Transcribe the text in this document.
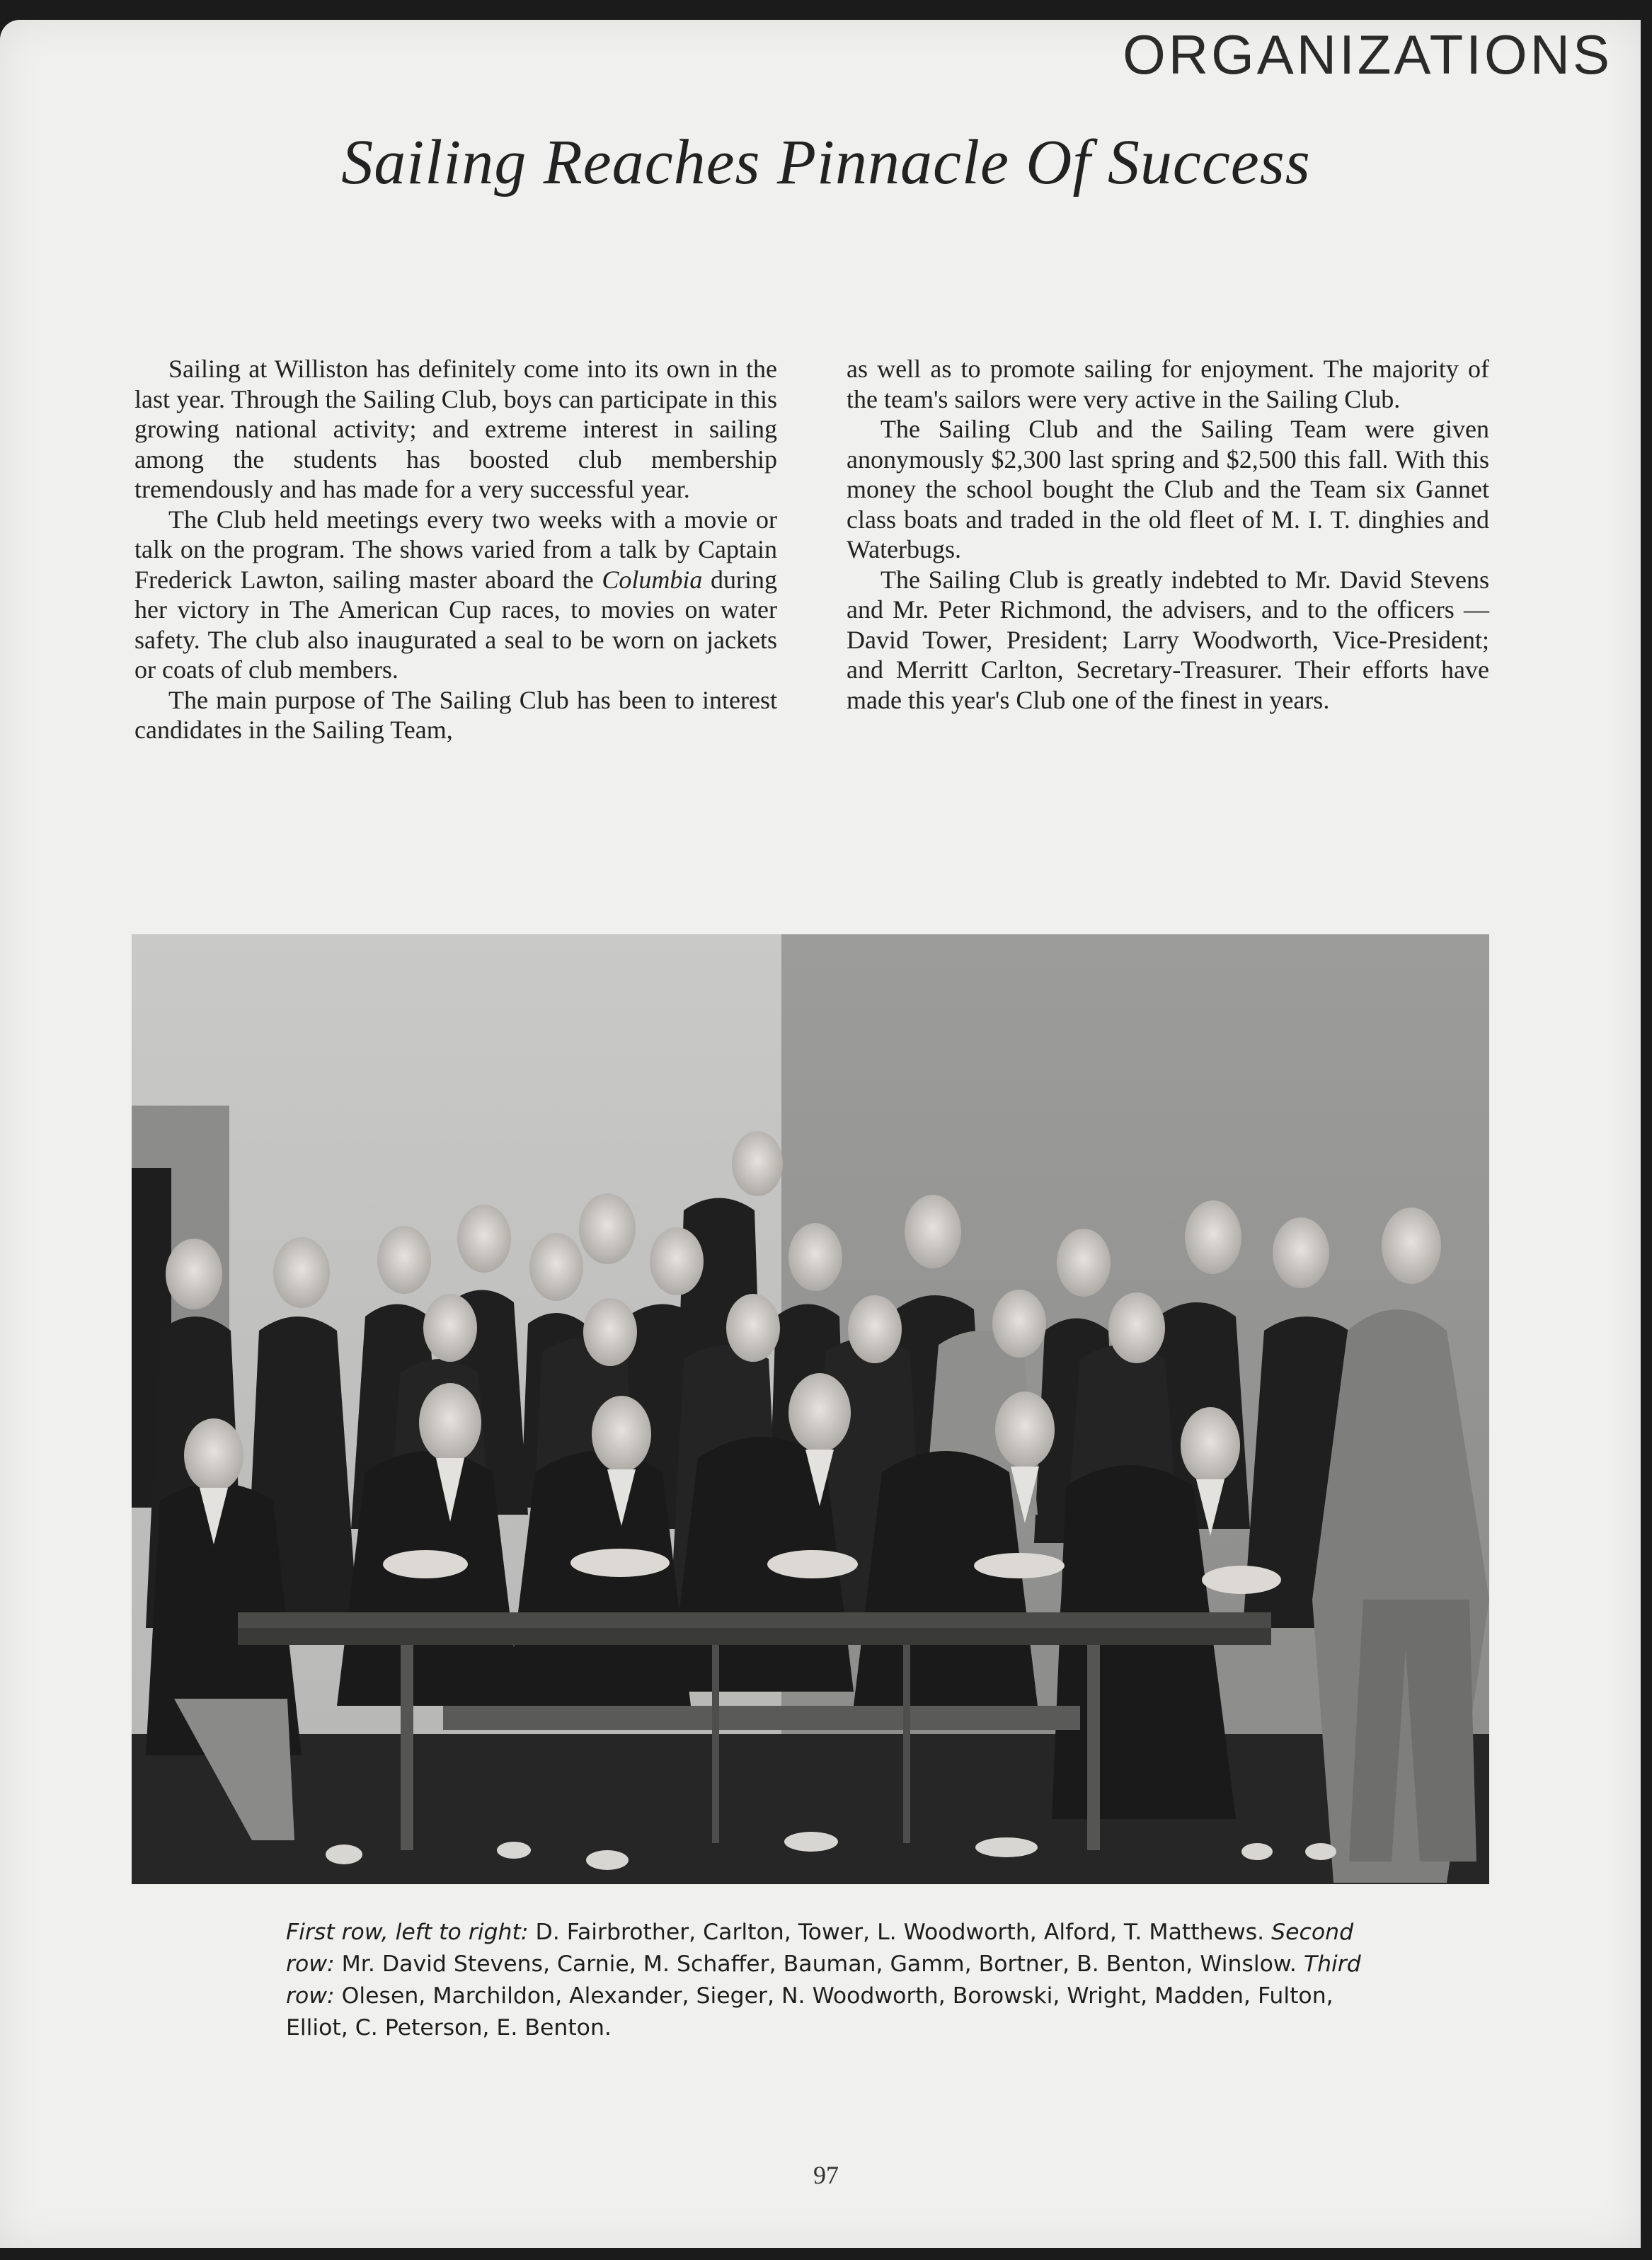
ORGANIZATIONS
Sailing Reaches Pinnacle Of Success

Sailing at Williston has definitely come into its own in the last year. Through the Sailing Club, boys can participate in this growing national activity; and extreme interest in sailing among the students has boosted club membership tremendously and has made for a very successful year.

The Club held meetings every two weeks with a movie or talk on the program. The shows varied from a talk by Captain Frederick Lawton, sailing master aboard the Columbia during her victory in The American Cup races, to movies on water safety. The club also inaugurated a seal to be worn on jackets or coats of club members.

The main purpose of The Sailing Club has been to interest candidates in the Sailing Team,

as well as to promote sailing for enjoyment. The majority of the team's sailors were very active in the Sailing Club.

The Sailing Club and the Sailing Team were given anonymously $2,300 last spring and $2,500 this fall. With this money the school bought the Club and the Team six Gannet class boats and traded in the old fleet of M. I. T. dinghies and Waterbugs.

The Sailing Club is greatly indebted to Mr. David Stevens and Mr. Peter Richmond, the advisers, and to the officers — David Tower, President; Larry Woodworth, Vice-President; and Merritt Carlton, Secretary-Treasurer. Their efforts have made this year's Club one of the finest in years.

First row, left to right: D. Fairbrother, Carlton, Tower, L. Woodworth, Alford, T. Matthews. Second row: Mr. David Stevens, Carnie, M. Schaffer, Bauman, Gamm, Bortner, B. Benton, Winslow. Third row: Olesen, Marchildon, Alexander, Sieger, N. Woodworth, Borowski, Wright, Madden, Fulton, Elliot, C. Peterson, E. Benton.
97
